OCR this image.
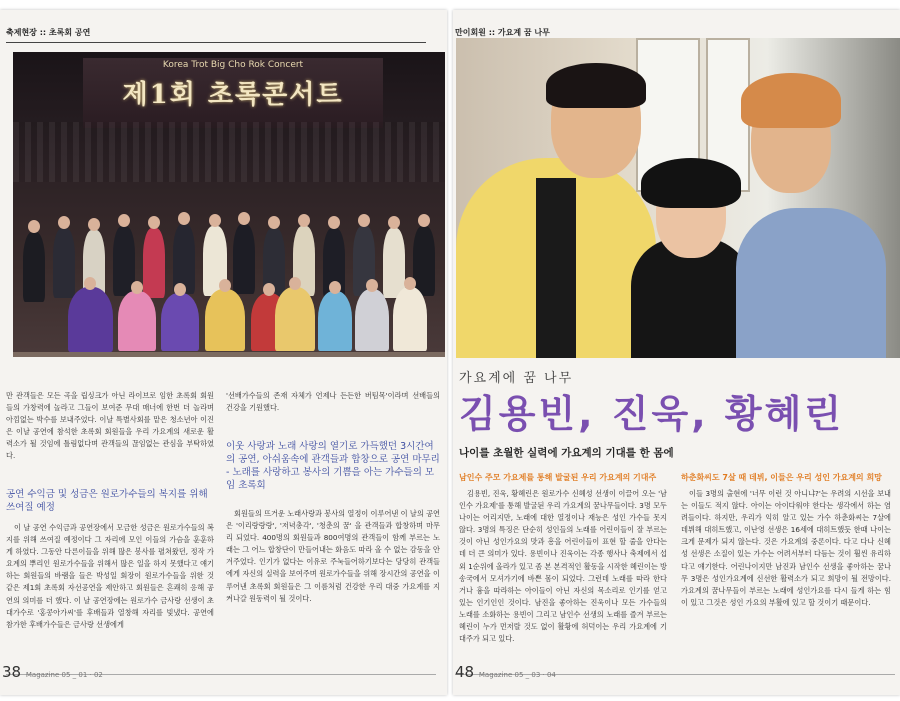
축제현장 :: 초록회 공연
Korea Trot Big Cho Rok Concert
제1회 초록콘서트

만 관객들은 모든 곡을 립싱크가 아닌 라이브로 임한 초록회 회원들의 가창력에 놀라고 그들이 보여준 무대 매너에 한번 더 놀라며 아낌없는 박수를 보내주었다. 이날 특별사회를 맡은 청소년아 이진은 이날 공연에 참석한 초록회 회원들을 우리 가요계의 새로운 활력소가 될 것임에 틀림없다며 관객들의 끊임없는 관심을 부탁하였다.

공연 수익금 및 성금은 원로가수들의 복지를 위해 쓰여질 예정

이 날 공연 수익금과 공연장에서 모금한 성금은 원로가수들의 복지를 위해 쓰여질 예정이다 그 자리에 모인 이들의 가슴을 훈훈하게 하였다. 그동안 다른이들을 위해 많은 봉사를 펼쳐왔던, 정작 가요계의 뿌리인 원로가수들을 위해서 많은 일을 하지 못했다고 얘기하는 회원들의 바램을 들은 박성일 회장이 원로가수들을 위한 것 같은 제1회 초록회 자선공연을 제안하고 회원들은 흔쾌히 응해 공연의 의미를 더 했다. 이 날 공연장에는 원로가수 금사랑 선생이 초대가수로 '홍콩아가씨'를 후배들과 열창해 자리를 빛냈다. 공연에 참가한 후배가수들은 금사랑 선생에게

'선배가수들의 존재 자체가 언제나 든든한 버팀목'이라며 선배들의 건강을 기원했다.

이웃 사랑과 노래 사랑의 열기로 가득했던 3시간여의 공연, 아쉬움속에 관객들과 합창으로 공연 마무리 - 노래를 사랑하고 봉사의 기쁨을 아는 가수들의 모임 초록회

회원들의 뜨거운 노래사랑과 봉사의 열정이 이루어낸 이 날의 공연은 '이리랑랑랑', '저녁총각', '청춘의 꿈' 을 관객들과 합창하며 마무리 되었다. 400명의 회원들과 800여명의 관객들이 함께 부르는 노래는 그 어느 합창단이 만들어내는 화음도 따라 올 수 없는 감동을 안겨주었다. 인기가 없다는 이유로 주눅들어하기보다는 당당히 관객들에게 자신의 실력을 보여주며 원로가수들을 위해 장시간의 공연을 이루어낸 초록회 회원들은 그 이름처럼 건강한 우리 대중 가요계를 지켜나갈 원동력이 될 것이다.

38 Magazine 05 _ 01 · 02
만이회원 :: 가요계 꿈 나무
가요계에 꿈 나무
김용빈, 진욱, 황혜린
나이를 초월한 실력에 가요계의 기대를 한 몸에
남인수 주모 가요제를 통해 발굴된 우리 가요계의 기대주

김용빈, 진욱, 황혜린은 원로가수 신혜성 선생이 이끌어 오는 '남인수 가요제'를 통해 발굴된 우리 가요계의 꿈나무들이다. 3명 모두 나이는 어리지만, 노래에 대한 열정이나 재능은 성인 가수들 못지 않다. 3명의 특징은 단순히 성인들의 노래를 어린이들이 잘 부르는 것이 아닌 성인가요의 맛과 흥을 어린이들이 표현 할 줄을 안다는데 더 큰 의미가 있다. 용빈이나 진욱이는 각종 행사나 축제에서 섭외 1순위에 올라가 있고 좀 본 본격적인 활동을 시작한 혜린이는 방송국에서 모셔가기에 바쁜 몸이 되었다. 그런데 노래를 따라 한다거나 흉을 따라하는 아이들이 아닌 자신의 목소리로 인기를 얻고 있는 인기인인 것이다. 남진을 좋아하는 진욱이나 모든 가수들의 노래를 소화하는 용빈이 그리고 남인수 선생의 노래를 즐겨 부르는 혜린이 누가 먼저랄 것도 없이 활황에 허덕이는 우리 가요계에 기대주가 되고 있다.

하춘화씨도 7살 때 데뷔, 이들은 우리 성인 가요계의 희망

이들 3명의 출현에 '너무 이런 것 아니냐?'는 우려의 시선을 보내는 이들도 적지 않다. 아이는 아이다워야 한다는 생각에서 하는 염려들이다. 하지만, 우리가 익히 알고 있는 가수 하춘화씨는 7살에 데뷔해 대히트했고, 이난영 선생은 16세에 대히트했듯 한때 나이는 크게 문제가 되지 않는다. 것은 가요계의 중론이다. 다고 다나 신혜성 선생은 소질이 있는 가수는 어려서부터 다듬는 것이 훨씬 유리하다고 얘기한다. 어린나이지만 남진과 남인수 선생을 좋아하는 꿈나무 3명은 성인가요계에 신선한 활력소가 되고 희망이 될 전망이다. 가요계의 꿈나무들이 부르는 노래에 성인가요를 다시 들게 하는 힘이 있고 그것은 성인 가요의 부활에 있고 할 것이기 때문이다.

48 Magazine 05 _ 03 · 04
